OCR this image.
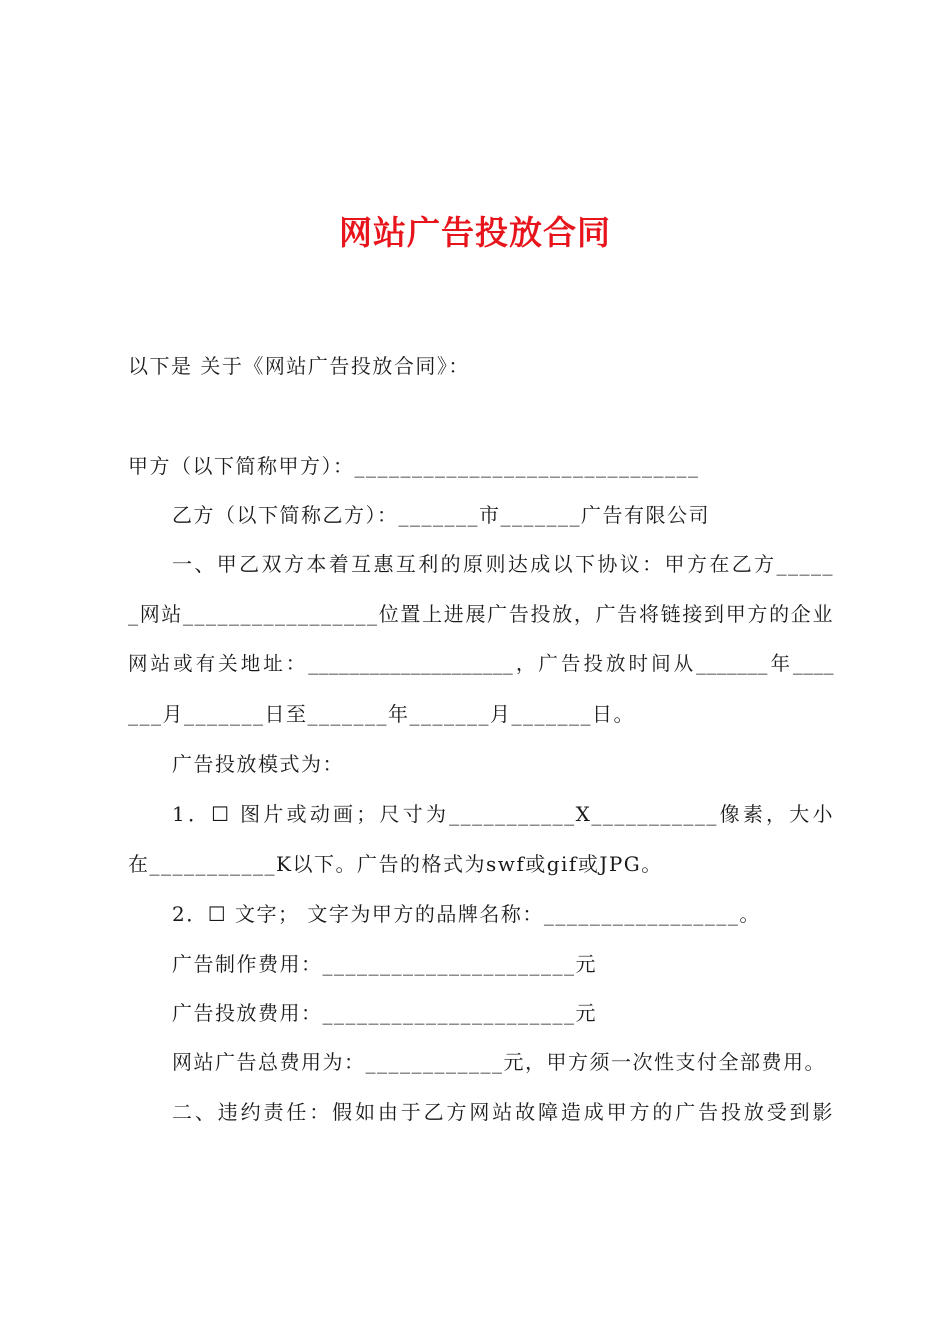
网站广告投放合同
以下是 关于《网站广告投放合同》：
甲方（以下简称甲方）：______________________________
乙方（以下简称乙方）：_______市_______广告有限公司
一、甲乙双方本着互惠互利的原则达成以下协议：甲方在乙方_____
_网站_________________位置上进展广告投放，广告将链接到甲方的企业
网站或有关地址：____________________，广告投放时间从_______年____
___月_______日至_______年_______月_______日。
广告投放模式为：
1．☐ 图片或动画；尺寸为___________X___________像素，大小
在___________K以下。广告的格式为swf或gif或JPG。
2．☐ 文字； 文字为甲方的品牌名称：_________________。
广告制作费用：______________________元
广告投放费用：______________________元
网站广告总费用为：____________元，甲方须一次性支付全部费用。
二、违约责任：假如由于乙方网站故障造成甲方的广告投放受到影
